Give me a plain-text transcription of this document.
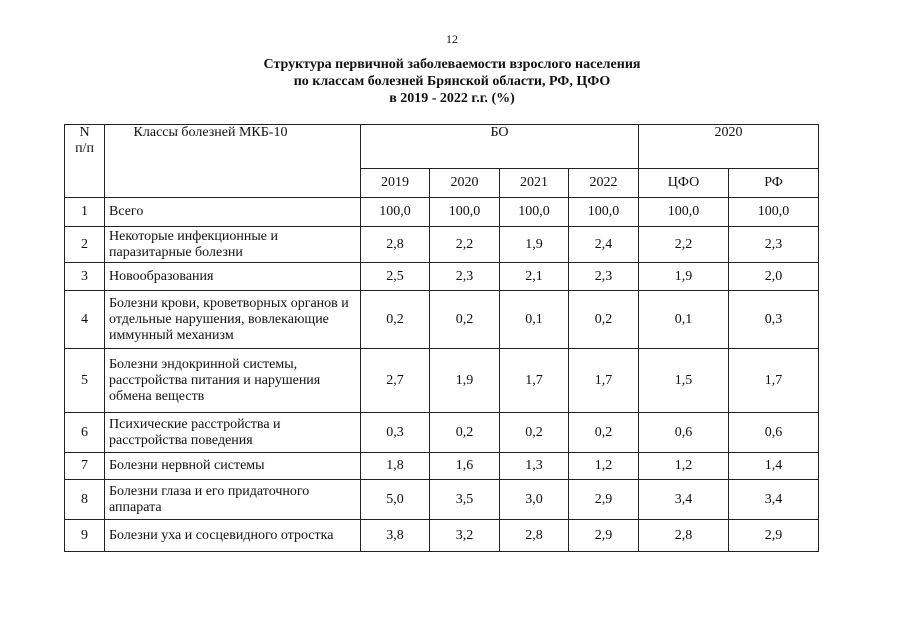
12
Структура первичной заболеваемости взрослого населения
по классам болезней Брянской области, РФ, ЦФО
в 2019 - 2022 г.г. (%)
N п/п	Классы болезней МКБ-10	БО				2020	
		2019	2020	2021	2022	ЦФО	РФ
1	Всего	100,0	100,0	100,0	100,0	100,0	100,0
2	Некоторые инфекционные и паразитарные болезни	2,8	2,2	1,9	2,4	2,2	2,3
3	Новообразования	2,5	2,3	2,1	2,3	1,9	2,0
4	Болезни крови, кроветворных органов и отдельные нарушения, вовлекающие иммунный механизм	0,2	0,2	0,1	0,2	0,1	0,3
5	Болезни эндокринной системы, расстройства питания и нарушения обмена веществ	2,7	1,9	1,7	1,7	1,5	1,7
6	Психические расстройства и расстройства поведения	0,3	0,2	0,2	0,2	0,6	0,6
7	Болезни нервной системы	1,8	1,6	1,3	1,2	1,2	1,4
8	Болезни глаза и его придаточного аппарата	5,0	3,5	3,0	2,9	3,4	3,4
9	Болезни уха и сосцевидного отростка	3,8	3,2	2,8	2,9	2,8	2,9
